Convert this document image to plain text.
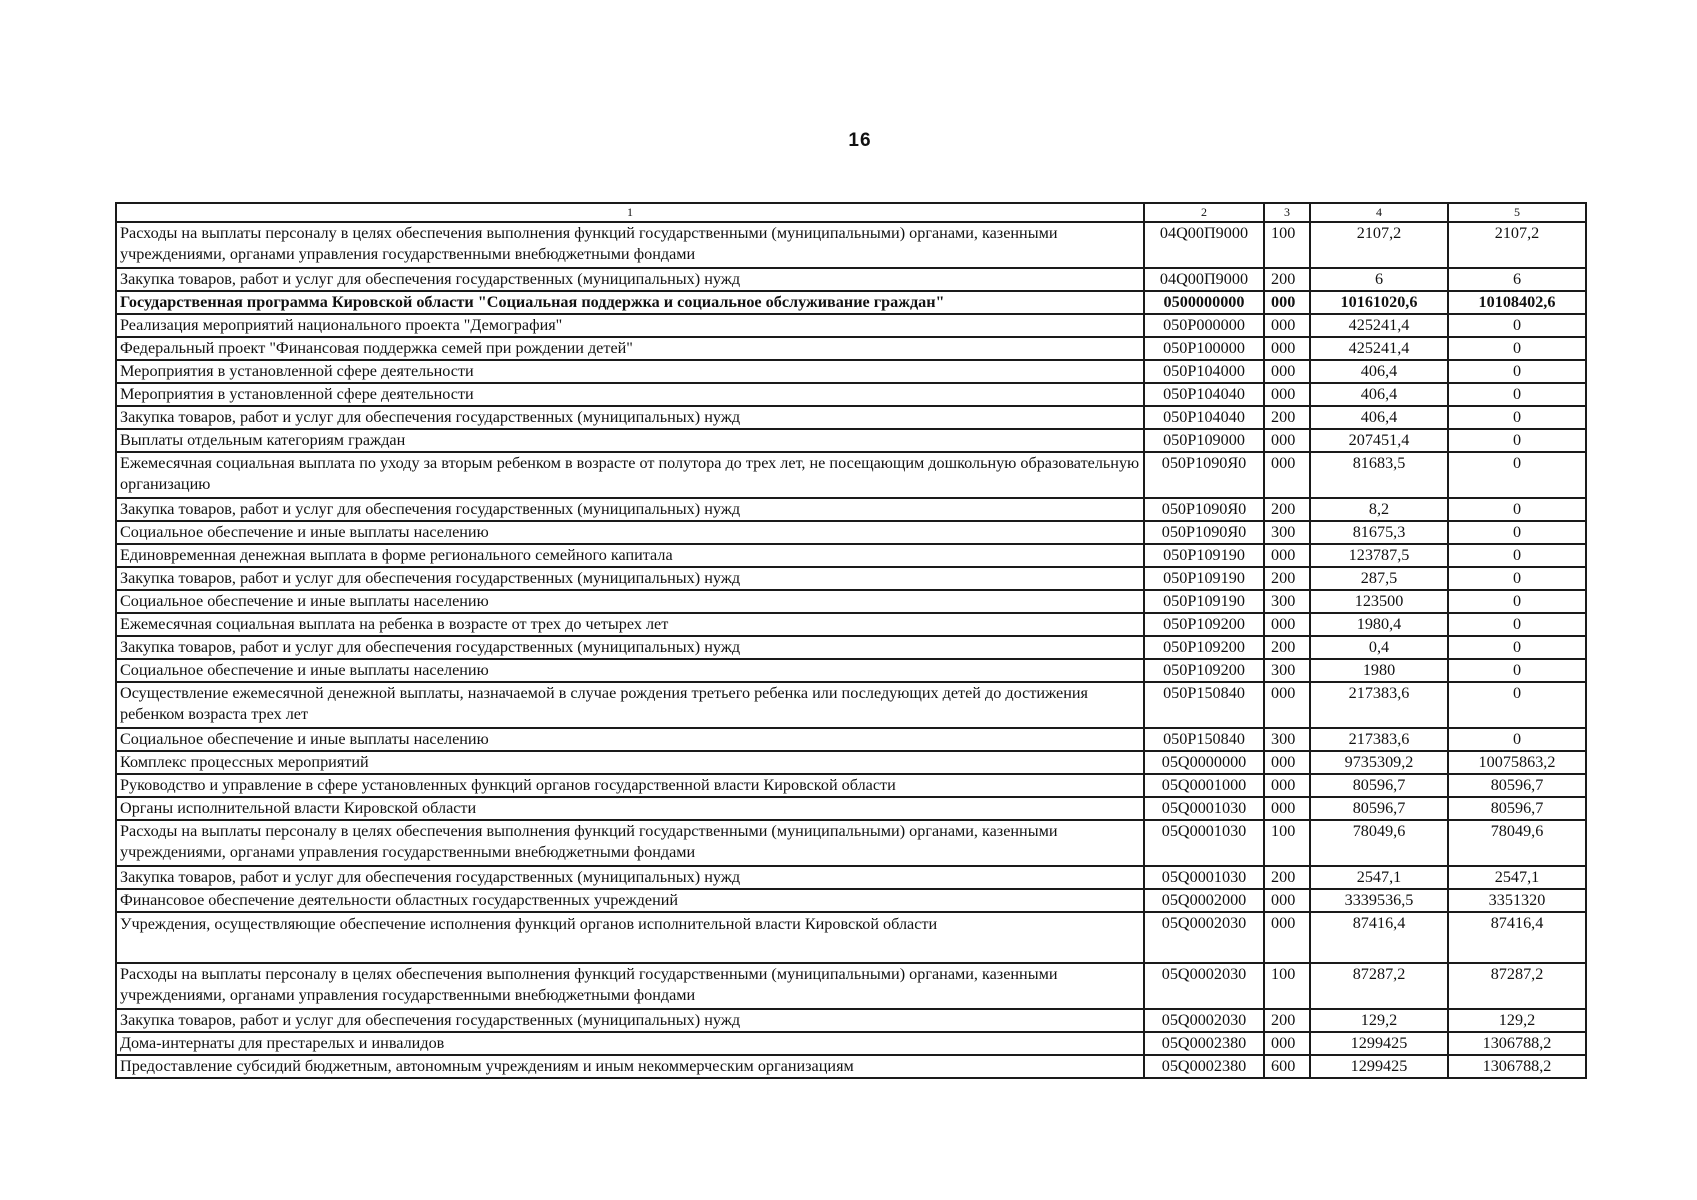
16
1	2	3	4	5
Расходы на выплаты персоналу в целях обеспечения выполнения функций государственными (муниципальными) органами, казенными учреждениями, органами управления государственными внебюджетными фондами	04Q00П9000	100	2107,2	2107,2
Закупка товаров, работ и услуг для обеспечения государственных (муниципальных) нужд	04Q00П9000	200	6	6
Государственная программа Кировской области "Социальная поддержка и социальное обслуживание граждан"	0500000000	000	10161020,6	10108402,6
Реализация мероприятий национального проекта "Демография"	050P000000	000	425241,4	0
Федеральный проект "Финансовая поддержка семей при рождении детей"	050P100000	000	425241,4	0
Мероприятия в установленной сфере деятельности	050P104000	000	406,4	0
Мероприятия в установленной сфере деятельности	050P104040	000	406,4	0
Закупка товаров, работ и услуг для обеспечения государственных (муниципальных) нужд	050P104040	200	406,4	0
Выплаты отдельным категориям граждан	050P109000	000	207451,4	0
Ежемесячная социальная выплата по уходу за вторым ребенком в возрасте от полутора до трех лет, не посещающим дошкольную образовательную организацию	050P1090Я0	000	81683,5	0
Закупка товаров, работ и услуг для обеспечения государственных (муниципальных) нужд	050P1090Я0	200	8,2	0
Социальное обеспечение и иные выплаты населению	050P1090Я0	300	81675,3	0
Единовременная денежная выплата в форме регионального семейного капитала	050P109190	000	123787,5	0
Закупка товаров, работ и услуг для обеспечения государственных (муниципальных) нужд	050P109190	200	287,5	0
Социальное обеспечение и иные выплаты населению	050P109190	300	123500	0
Ежемесячная социальная выплата на ребенка в возрасте от трех до четырех лет	050P109200	000	1980,4	0
Закупка товаров, работ и услуг для обеспечения государственных (муниципальных) нужд	050P109200	200	0,4	0
Социальное обеспечение и иные выплаты населению	050P109200	300	1980	0
Осуществление ежемесячной денежной выплаты, назначаемой в случае рождения третьего ребенка или последующих детей до достижения ребенком возраста трех лет	050P150840	000	217383,6	0
Социальное обеспечение и иные выплаты населению	050P150840	300	217383,6	0
Комплекс процессных мероприятий	05Q0000000	000	9735309,2	10075863,2
Руководство и управление в сфере установленных функций органов государственной власти Кировской области	05Q0001000	000	80596,7	80596,7
Органы исполнительной власти Кировской области	05Q0001030	000	80596,7	80596,7
Расходы на выплаты персоналу в целях обеспечения выполнения функций государственными (муниципальными) органами, казенными учреждениями, органами управления государственными внебюджетными фондами	05Q0001030	100	78049,6	78049,6
Закупка товаров, работ и услуг для обеспечения государственных (муниципальных) нужд	05Q0001030	200	2547,1	2547,1
Финансовое обеспечение деятельности областных государственных учреждений	05Q0002000	000	3339536,5	3351320
Учреждения, осуществляющие обеспечение исполнения функций органов исполнительной власти Кировской области	05Q0002030	000	87416,4	87416,4
Расходы на выплаты персоналу в целях обеспечения выполнения функций государственными (муниципальными) органами, казенными учреждениями, органами управления государственными внебюджетными фондами	05Q0002030	100	87287,2	87287,2
Закупка товаров, работ и услуг для обеспечения государственных (муниципальных) нужд	05Q0002030	200	129,2	129,2
Дома-интернаты для престарелых и инвалидов	05Q0002380	000	1299425	1306788,2
Предоставление субсидий бюджетным, автономным учреждениям и иным некоммерческим организациям	05Q0002380	600	1299425	1306788,2
